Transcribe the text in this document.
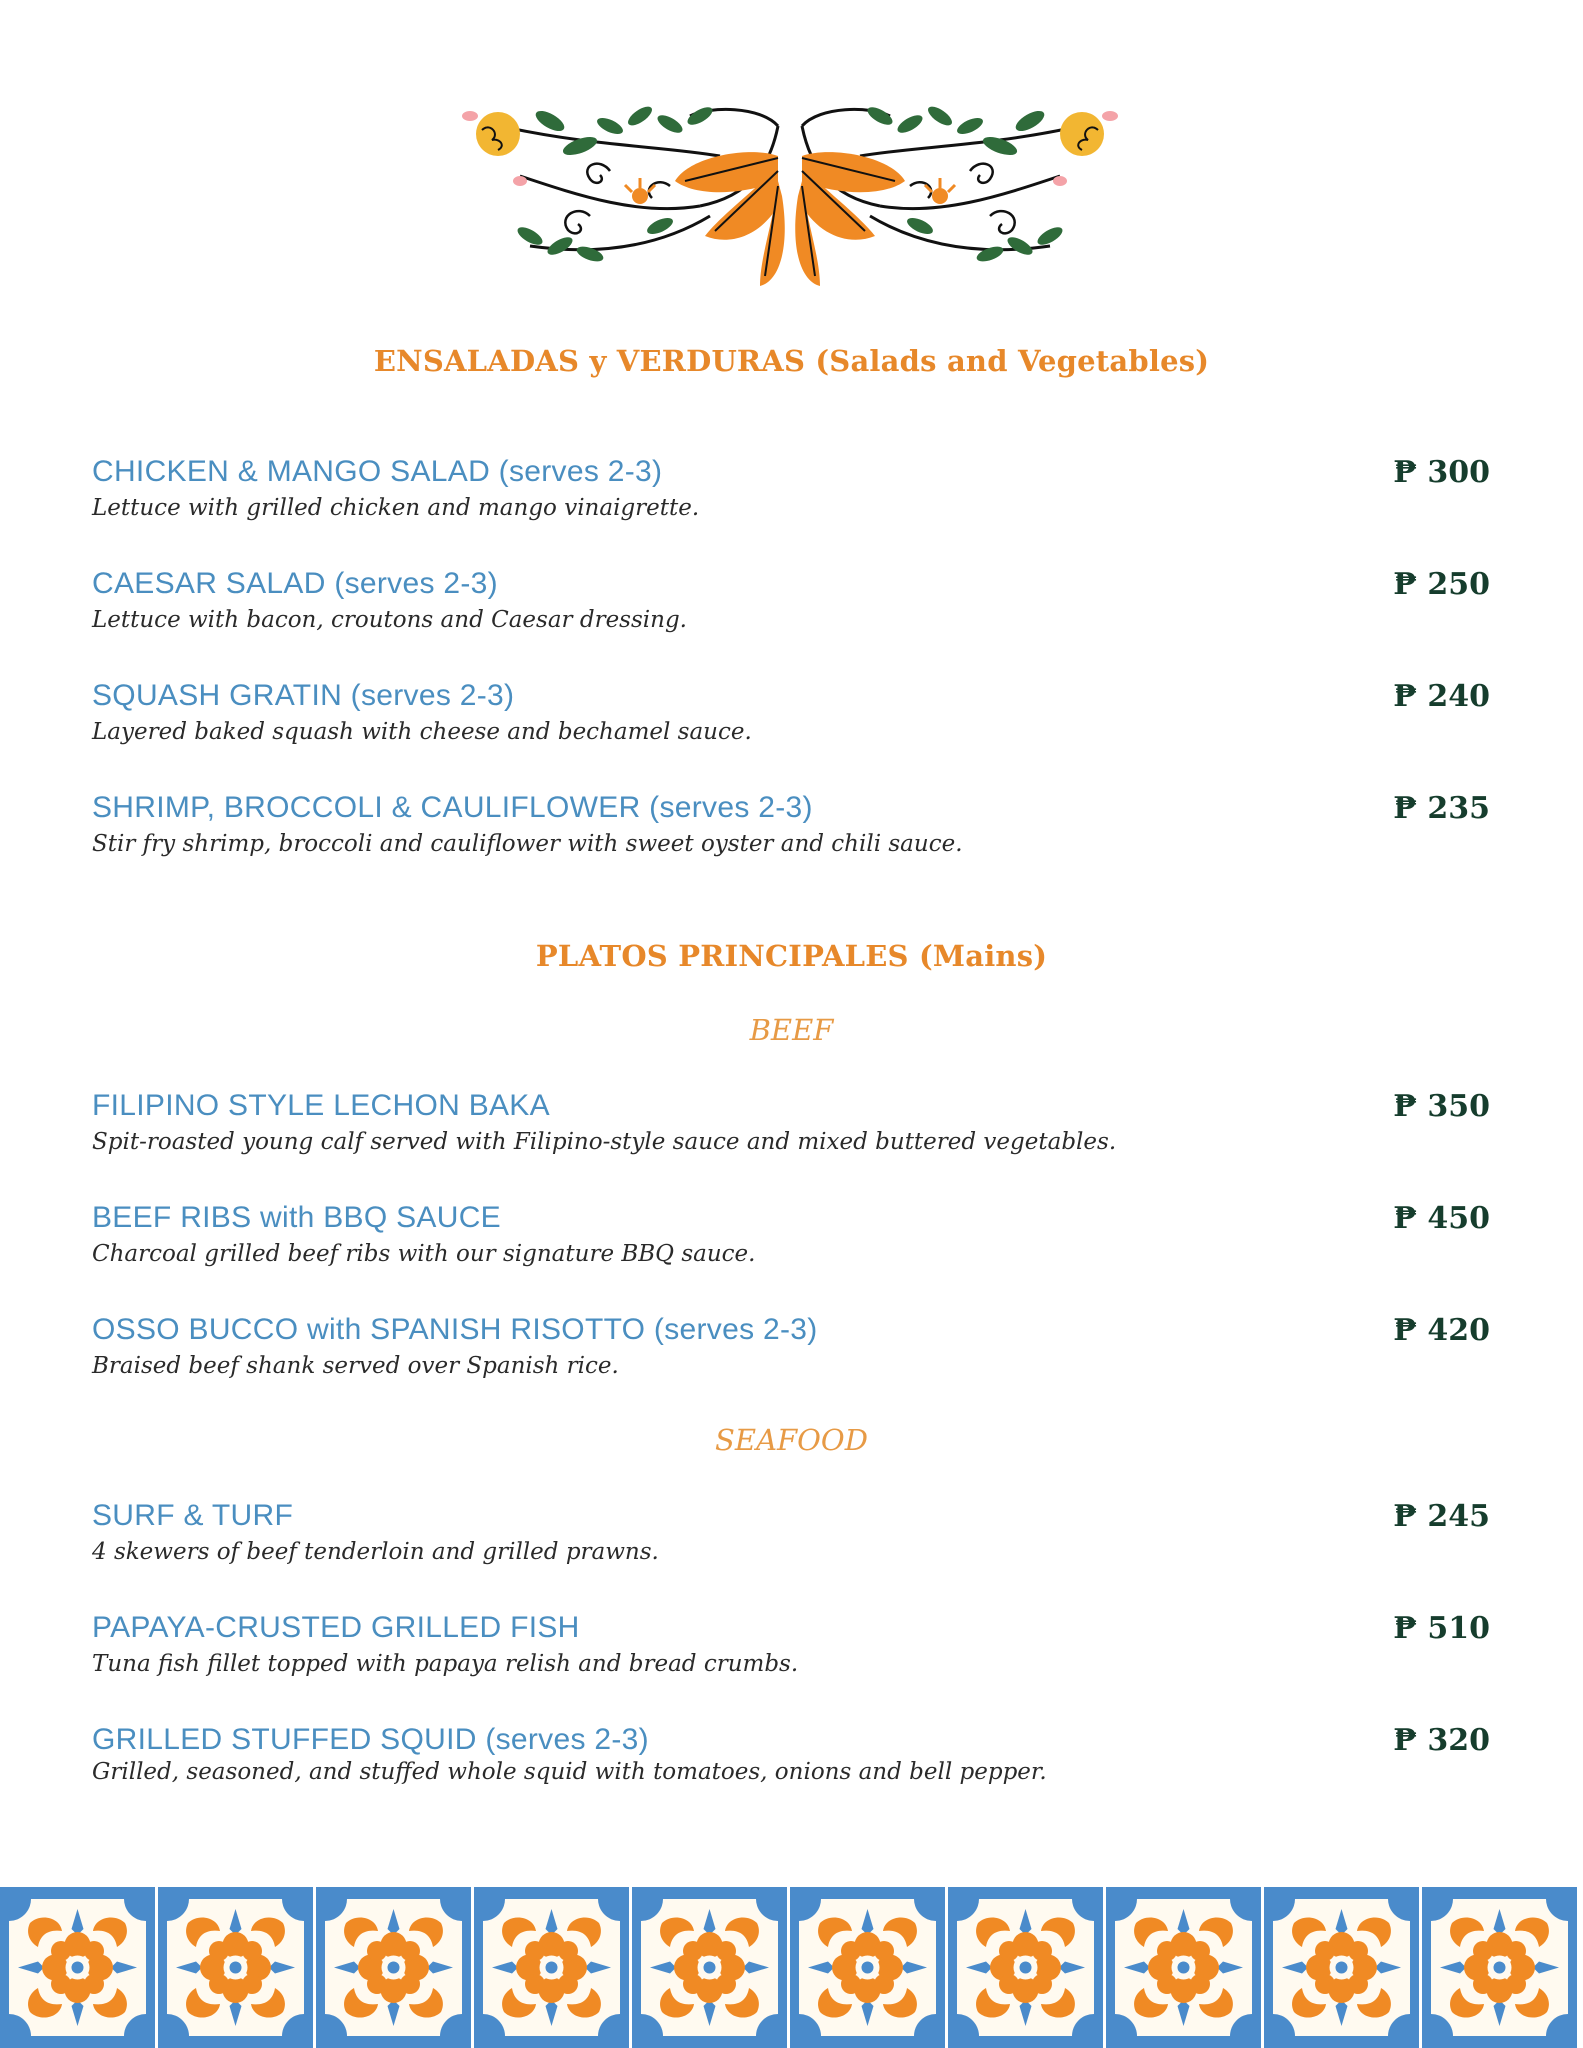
ENSALADAS y VERDURAS (Salads and Vegetables)
CHICKEN & MANGO SALAD (serves 2-3)	₱ 300
Lettuce with grilled chicken and mango vinaigrette.
CAESAR SALAD (serves 2-3)	₱ 250
Lettuce with bacon, croutons and Caesar dressing.
SQUASH GRATIN (serves 2-3)	₱ 240
Layered baked squash with cheese and bechamel sauce.
SHRIMP, BROCCOLI & CAULIFLOWER (serves 2-3)	₱ 235
Stir fry shrimp, broccoli and cauliflower with sweet oyster and chili sauce.
PLATOS PRINCIPALES (Mains)
BEEF
FILIPINO STYLE LECHON BAKA	₱ 350
Spit-roasted young calf served with Filipino-style sauce and mixed buttered vegetables.
BEEF RIBS with BBQ SAUCE	₱ 450
Charcoal grilled beef ribs with our signature BBQ sauce.
OSSO BUCCO with SPANISH RISOTTO (serves 2-3)	₱ 420
Braised beef shank served over Spanish rice.
SEAFOOD
SURF & TURF	₱ 245
4 skewers of beef tenderloin and grilled prawns.
PAPAYA-CRUSTED GRILLED FISH	₱ 510
Tuna fish fillet topped with papaya relish and bread crumbs.
GRILLED STUFFED SQUID (serves 2-3)	₱ 320
Grilled, seasoned, and stuffed whole squid with tomatoes, onions and bell pepper.
